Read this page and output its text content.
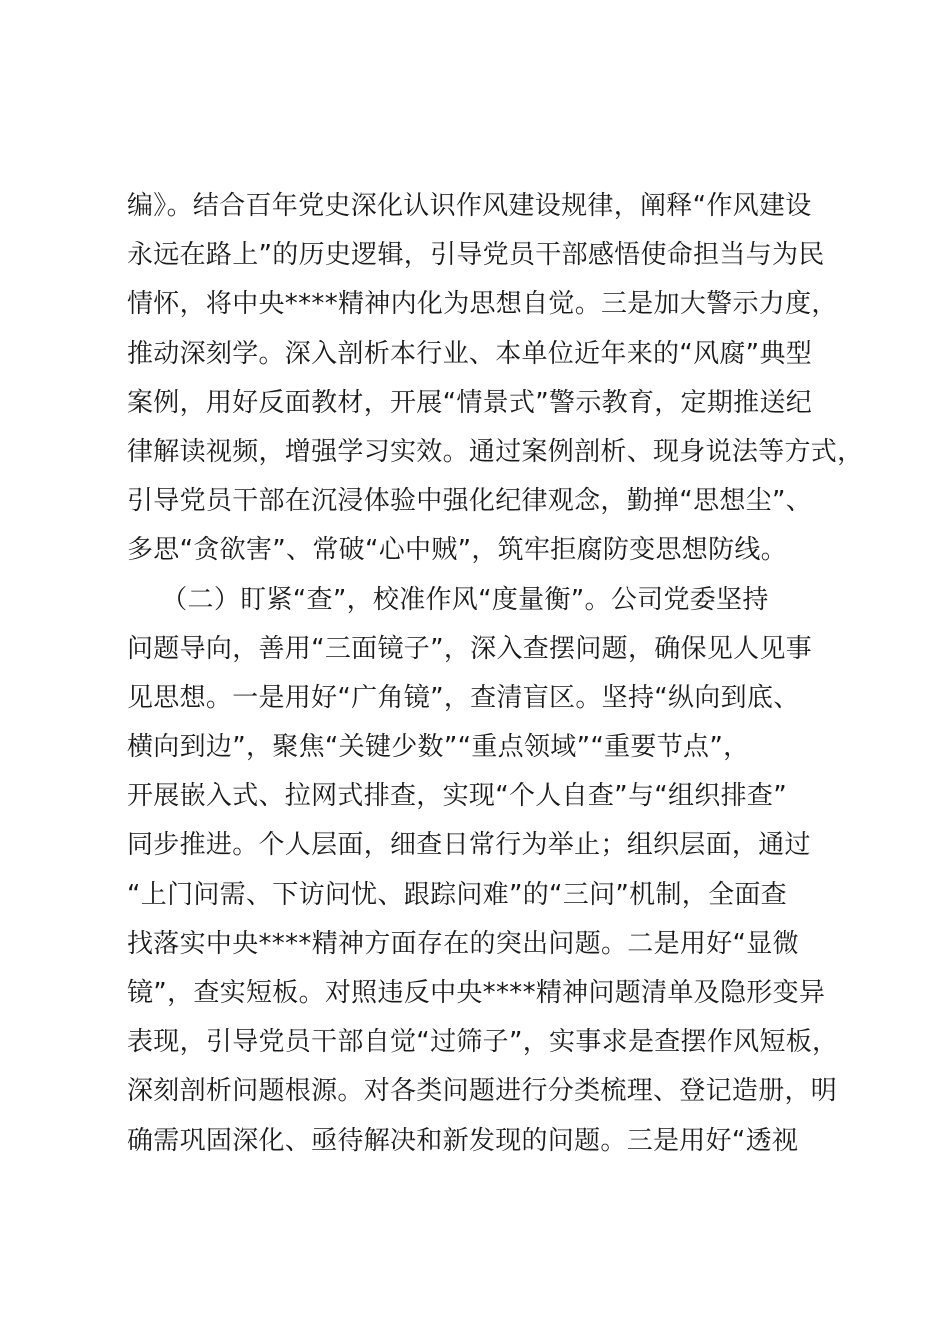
编》。结合百年党史深化认识作风建设规律，阐释“作风建设
永远在路上”的历史逻辑，引导党员干部感悟使命担当与为民
情怀，将中央****精神内化为思想自觉。三是加大警示力度，
推动深刻学。深入剖析本行业、本单位近年来的“风腐”典型
案例，用好反面教材，开展“情景式”警示教育，定期推送纪
律解读视频，增强学习实效。通过案例剖析、现身说法等方式，
引导党员干部在沉浸体验中强化纪律观念，勤掸“思想尘”、
多思“贪欲害”、常破“心中贼”，筑牢拒腐防变思想防线。
（二）盯紧“查”，校准作风“度量衡”。公司党委坚持
问题导向，善用“三面镜子”，深入查摆问题，确保见人见事
见思想。一是用好“广角镜”，查清盲区。坚持“纵向到底、
横向到边”，聚焦“关键少数”“重点领域”“重要节点”，
开展嵌入式、拉网式排查，实现“个人自查”与“组织排查”
同步推进。个人层面，细查日常行为举止；组织层面，通过
“上门问需、下访问忧、跟踪问难”的“三问”机制，全面查
找落实中央****精神方面存在的突出问题。二是用好“显微
镜”，查实短板。对照违反中央****精神问题清单及隐形变异
表现，引导党员干部自觉“过筛子”，实事求是查摆作风短板，
深刻剖析问题根源。对各类问题进行分类梳理、登记造册，明
确需巩固深化、亟待解决和新发现的问题。三是用好“透视
